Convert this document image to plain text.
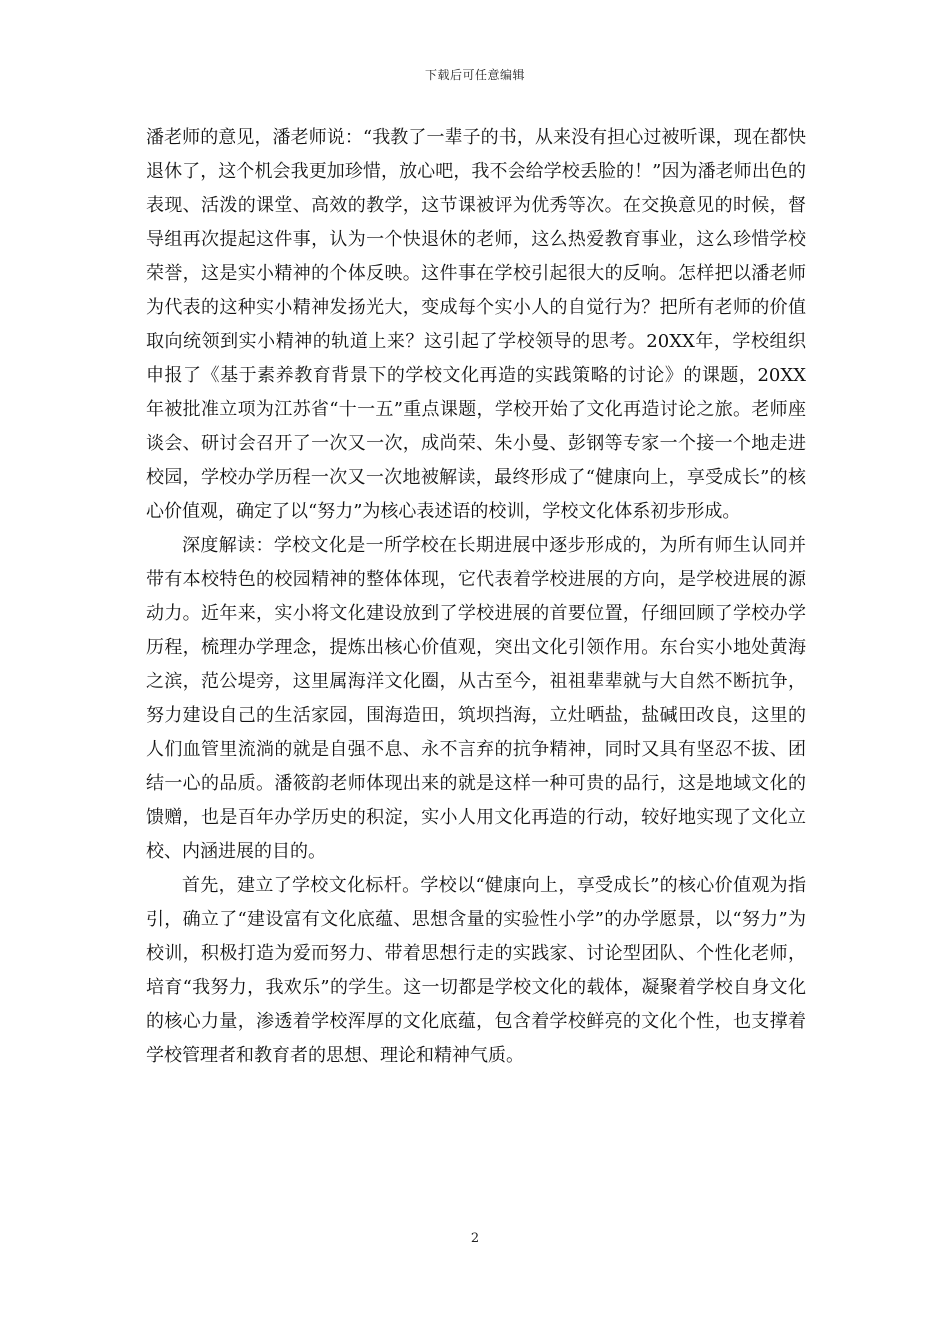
下载后可任意编辑

潘老师的意见，潘老师说：“我教了一辈子的书，从来没有担心过被听课，现在都快退休了，这个机会我更加珍惜，放心吧，我不会给学校丢脸的！”因为潘老师出色的表现、活泼的课堂、高效的教学，这节课被评为优秀等次。在交换意见的时候，督导组再次提起这件事，认为一个快退休的老师，这么热爱教育事业，这么珍惜学校荣誉，这是实小精神的个体反映。这件事在学校引起很大的反响。怎样把以潘老师为代表的这种实小精神发扬光大，变成每个实小人的自觉行为？把所有老师的价值取向统领到实小精神的轨道上来？这引起了学校领导的思考。20XX年，学校组织申报了《基于素养教育背景下的学校文化再造的实践策略的讨论》的课题，20XX年被批准立项为江苏省“十一五”重点课题，学校开始了文化再造讨论之旅。老师座谈会、研讨会召开了一次又一次，成尚荣、朱小曼、彭钢等专家一个接一个地走进校园，学校办学历程一次又一次地被解读，最终形成了“健康向上，享受成长”的核心价值观，确定了以“努力”为核心表述语的校训，学校文化体系初步形成。

深度解读：学校文化是一所学校在长期进展中逐步形成的，为所有师生认同并带有本校特色的校园精神的整体体现，它代表着学校进展的方向，是学校进展的源动力。近年来，实小将文化建设放到了学校进展的首要位置，仔细回顾了学校办学历程，梳理办学理念，提炼出核心价值观，突出文化引领作用。东台实小地处黄海之滨，范公堤旁，这里属海洋文化圈，从古至今，祖祖辈辈就与大自然不断抗争，努力建设自己的生活家园，围海造田，筑坝挡海，立灶晒盐，盐碱田改良，这里的人们血管里流淌的就是自强不息、永不言弃的抗争精神，同时又具有坚忍不拔、团结一心的品质。潘筱韵老师体现出来的就是这样一种可贵的品行，这是地域文化的馈赠，也是百年办学历史的积淀，实小人用文化再造的行动，较好地实现了文化立校、内涵进展的目的。

首先，建立了学校文化标杆。学校以“健康向上，享受成长”的核心价值观为指引，确立了“建设富有文化底蕴、思想含量的实验性小学”的办学愿景，以“努力”为校训，积极打造为爱而努力、带着思想行走的实践家、讨论型团队、个性化老师，培育“我努力，我欢乐”的学生。这一切都是学校文化的载体，凝聚着学校自身文化的核心力量，渗透着学校浑厚的文化底蕴，包含着学校鲜亮的文化个性，也支撑着学校管理者和教育者的思想、理论和精神气质。

2
